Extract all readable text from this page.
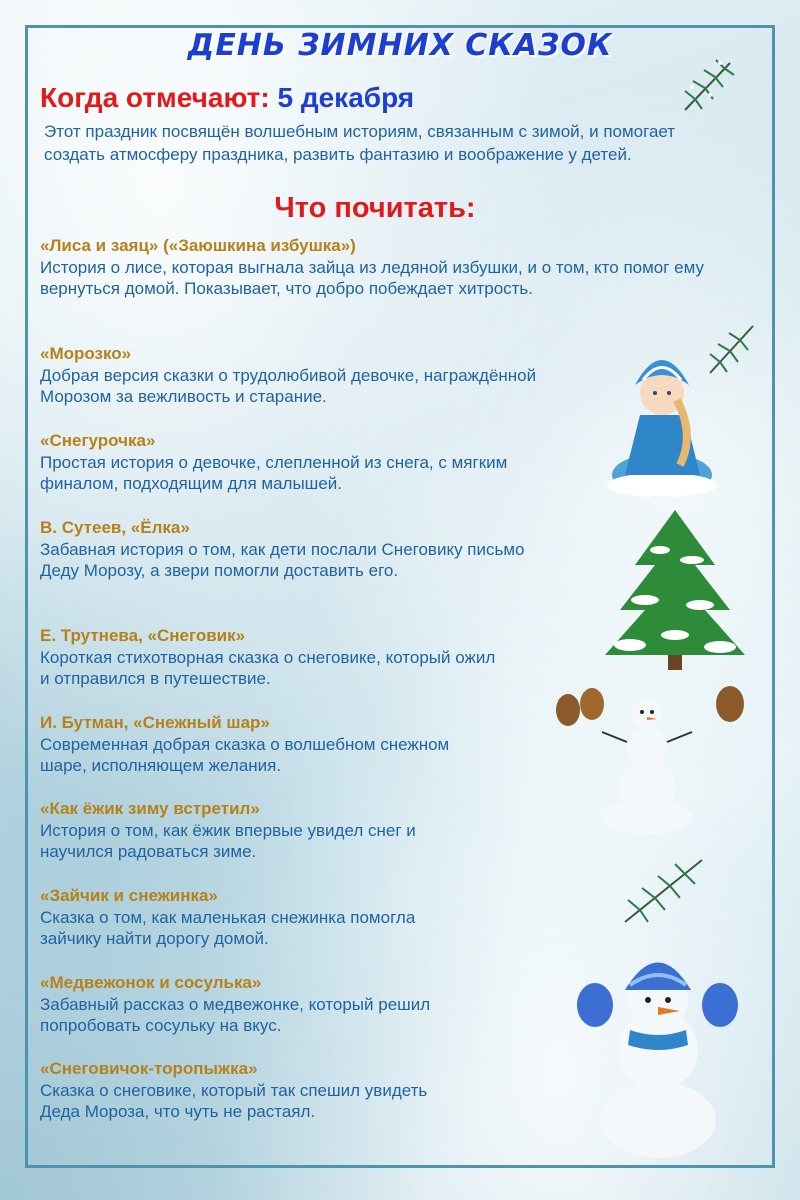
ДЕНЬ ЗИМНИХ СКАЗОК
Когда отмечают: 5 декабря
Этот праздник посвящён волшебным историям, связанным с зимой, и помогает создать атмосферу праздника, развить фантазию и воображение у детей.
Что почитать:
«Лиса и заяц» («Заюшкина избушка»)
История о лисе, которая выгнала зайца из ледяной избушки, и о том, кто помог ему вернуться домой. Показывает, что добро побеждает хитрость.
«Морозко»
Добрая версия сказки о трудолюбивой девочке, награждённой Морозом за вежливость и старание.
«Снегурочка»
Простая история о девочке, слепленной из снега, с мягким финалом, подходящим для малышей.
В. Сутеев, «Ёлка»
Забавная история о том, как дети послали Снеговику письмо Деду Морозу, а звери помогли доставить его.
Е. Трутнева, «Снеговик»
Короткая стихотворная сказка о снеговике, который ожил и отправился в путешествие.
И. Бутман, «Снежный шар»
Современная добрая сказка о волшебном снежном шаре, исполняющем желания.
«Как ёжик зиму встретил»
История о том, как ёжик впервые увидел снег и научился радоваться зиме.
«Зайчик и снежинка»
Сказка о том, как маленькая снежинка помогла зайчику найти дорогу домой.
«Медвежонок и сосулька»
Забавный рассказ о медвежонке, который решил попробовать сосульку на вкус.
«Снеговичок-торопыжка»
Сказка о снеговике, который так спешил увидеть Деда Мороза, что чуть не растаял.
